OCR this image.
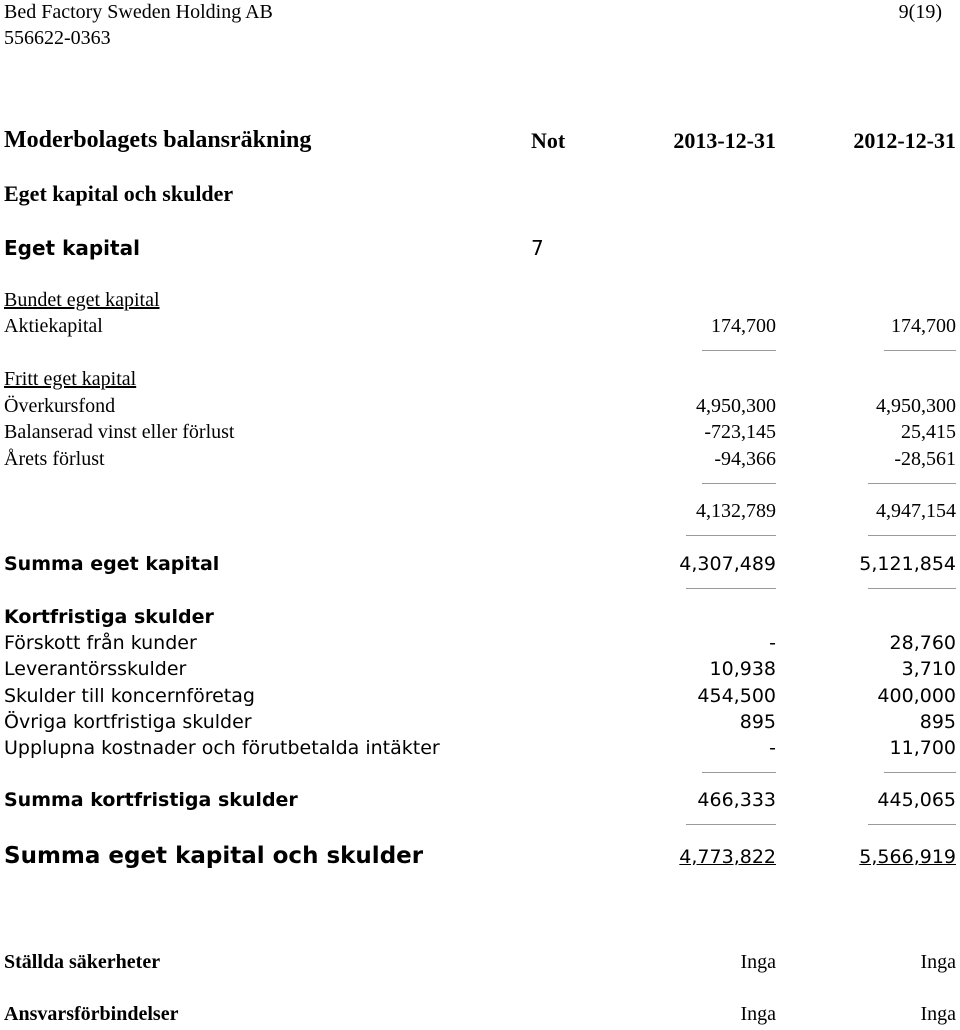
Bed Factory Sweden Holding AB
556622-0363
9(19)
Moderbolagets balansräkning	Not	2013-12-31	2012-12-31
Eget kapital och skulder
Eget kapital	7
Bundet eget kapital
Aktiekapital	174,700	174,700
Fritt eget kapital
Överkursfond	4,950,300	4,950,300
Balanserad vinst eller förlust	-723,145	25,415
Årets förlust	-94,366	-28,561
4,132,789	4,947,154
Summa eget kapital	4,307,489	5,121,854
Kortfristiga skulder
Förskott från kunder	-	28,760
Leverantörsskulder	10,938	3,710
Skulder till koncernföretag	454,500	400,000
Övriga kortfristiga skulder	895	895
Upplupna kostnader och förutbetalda intäkter	-	11,700
Summa kortfristiga skulder	466,333	445,065
Summa eget kapital och skulder	4,773,822	5,566,919
Ställda säkerheter	Inga	Inga
Ansvarsförbindelser	Inga	Inga
